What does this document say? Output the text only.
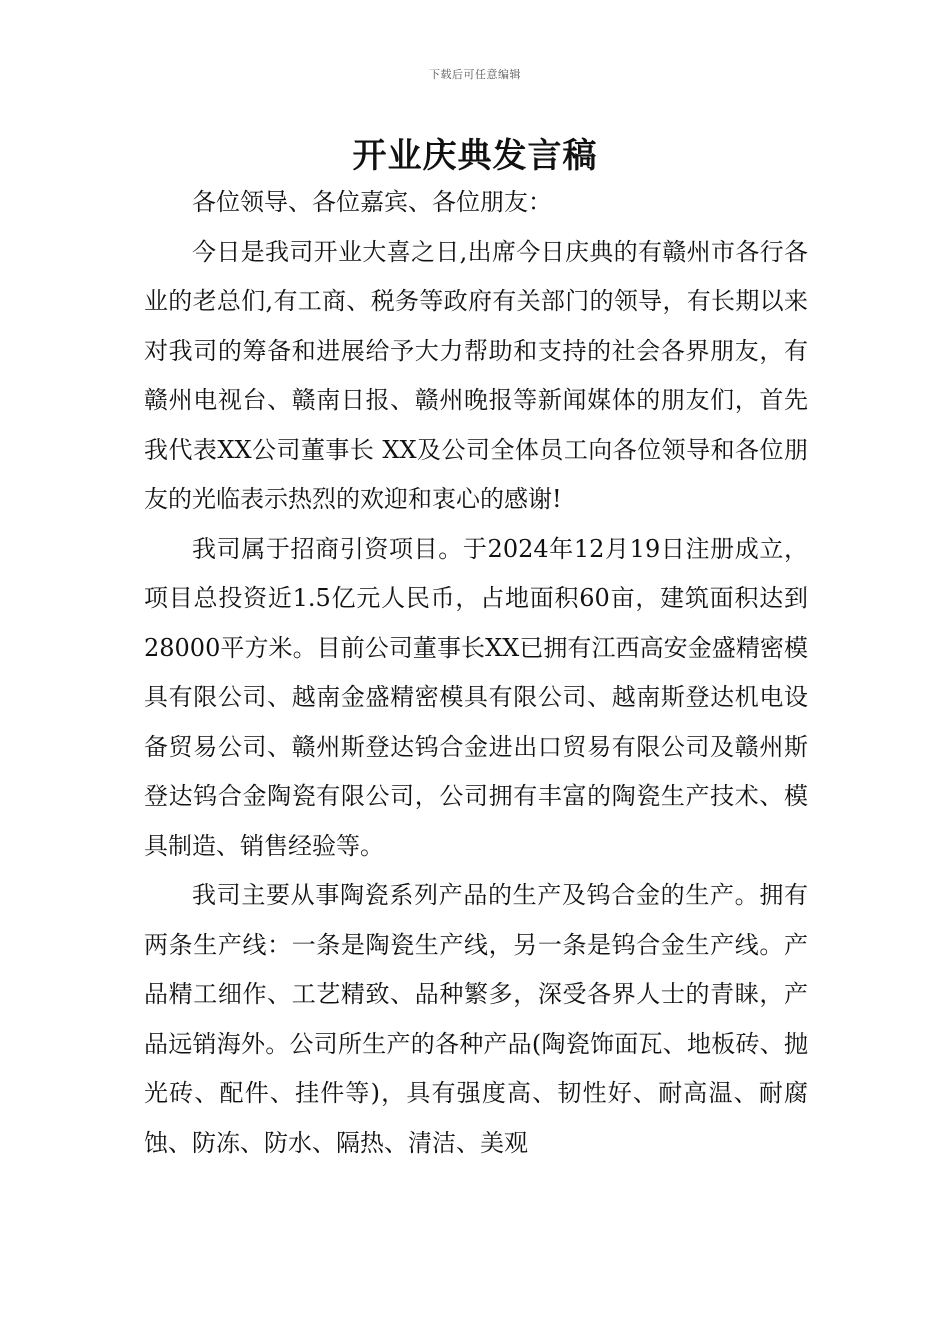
下载后可任意编辑
开业庆典发言稿

各位领导、各位嘉宾、各位朋友：

今日是我司开业大喜之日,出席今日庆典的有赣州市各行各业的老总们,有工商、税务等政府有关部门的领导，有长期以来对我司的筹备和进展给予大力帮助和支持的社会各界朋友，有赣州电视台、赣南日报、赣州晚报等新闻媒体的朋友们，首先我代表XX公司董事长 XX及公司全体员工向各位领导和各位朋友的光临表示热烈的欢迎和衷心的感谢!

我司属于招商引资项目。于2024年12月19日注册成立，项目总投资近1.5亿元人民币，占地面积60亩，建筑面积达到28000平方米。目前公司董事长XX已拥有江西高安金盛精密模具有限公司、越南金盛精密模具有限公司、越南斯登达机电设备贸易公司、赣州斯登达钨合金进出口贸易有限公司及赣州斯登达钨合金陶瓷有限公司，公司拥有丰富的陶瓷生产技术、模具制造、销售经验等。

我司主要从事陶瓷系列产品的生产及钨合金的生产。拥有两条生产线：一条是陶瓷生产线，另一条是钨合金生产线。产品精工细作、工艺精致、品种繁多，深受各界人士的青睐，产品远销海外。公司所生产的各种产品(陶瓷饰面瓦、地板砖、抛光砖、配件、挂件等)，具有强度高、韧性好、耐高温、耐腐蚀、防冻、防水、隔热、清洁、美观
